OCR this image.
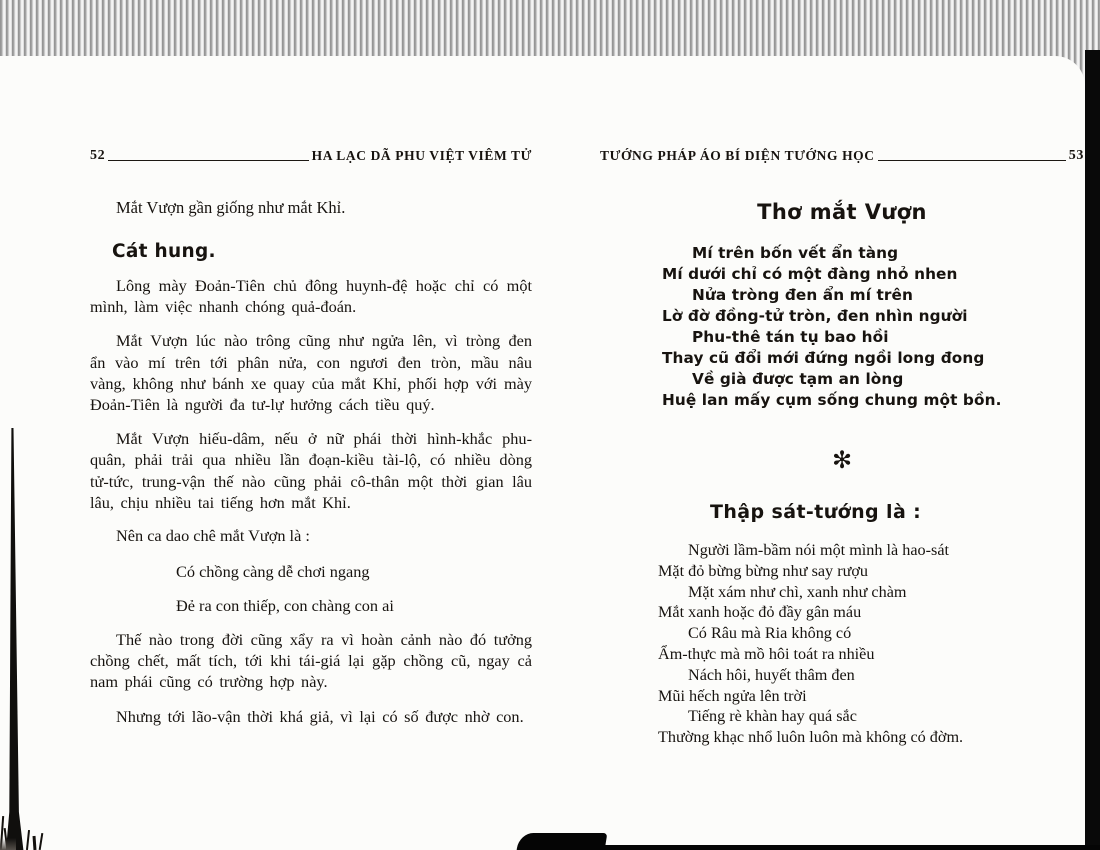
52	HA LẠC DÃ PHU VIỆT VIÊM TỬ

Mắt Vượn gần giống như mắt Khỉ.

Cát hung.

Lông mày Đoản-Tiên chủ đông huynh-đệ hoặc chỉ có một mình, làm việc nhanh chóng quả-đoán.

Mắt Vượn lúc nào trông cũng như ngửa lên, vì tròng đen ẩn vào mí trên tới phân nửa, con ngươi đen tròn, mầu nâu vàng, không như bánh xe quay của mắt Khỉ, phối hợp với mày Đoản-Tiên là người đa tư-lự hưởng cách tiều quý.

Mắt Vượn hiếu-dâm, nếu ở nữ phái thời hình-khắc phu-quân, phải trải qua nhiều lần đoạn-kiều tài-lộ, có nhiều dòng tử-tức, trung-vận thế nào cũng phải cô-thân một thời gian lâu lâu, chịu nhiều tai tiếng hơn mắt Khỉ.

Nên ca dao chê mắt Vượn là :

Có chồng càng dễ chơi ngang

Đẻ ra con thiếp, con chàng con ai

Thế nào trong đời cũng xẩy ra vì hoàn cảnh nào đó tưởng chồng chết, mất tích, tới khi tái-giá lại gặp chồng cũ, ngay cả nam phái cũng có trường hợp này.

Nhưng tới lão-vận thời khá giả, vì lại có số được nhờ con.

TƯỚNG PHÁP ÁO BÍ DIỆN TƯỚNG HỌC	53
Thơ mắt Vượn

Mí trên bốn vết ẩn tàng

Mí dưới chỉ có một đàng nhỏ nhen

Nửa tròng đen ẩn mí trên

Lờ đờ đồng-tử tròn, đen nhìn người

Phu-thê tán tụ bao hồi

Thay cũ đổi mới đứng ngồi long đong

Về già được tạm an lòng

Huệ lan mấy cụm sống chung một bồn.

✻
Thập sát-tướng là :

Người lầm-bầm nói một mình là hao-sát

Mặt đỏ bừng bừng như say rượu

Mặt xám như chì, xanh như chàm

Mắt xanh hoặc đỏ đầy gân máu

Có Râu mà Ria không có

Ẩm-thực mà mồ hôi toát ra nhiều

Nách hôi, huyết thâm đen

Mũi hếch ngửa lên trời

Tiếng rè khàn hay quá sắc

Thường khạc nhổ luôn luôn mà không có đờm.
